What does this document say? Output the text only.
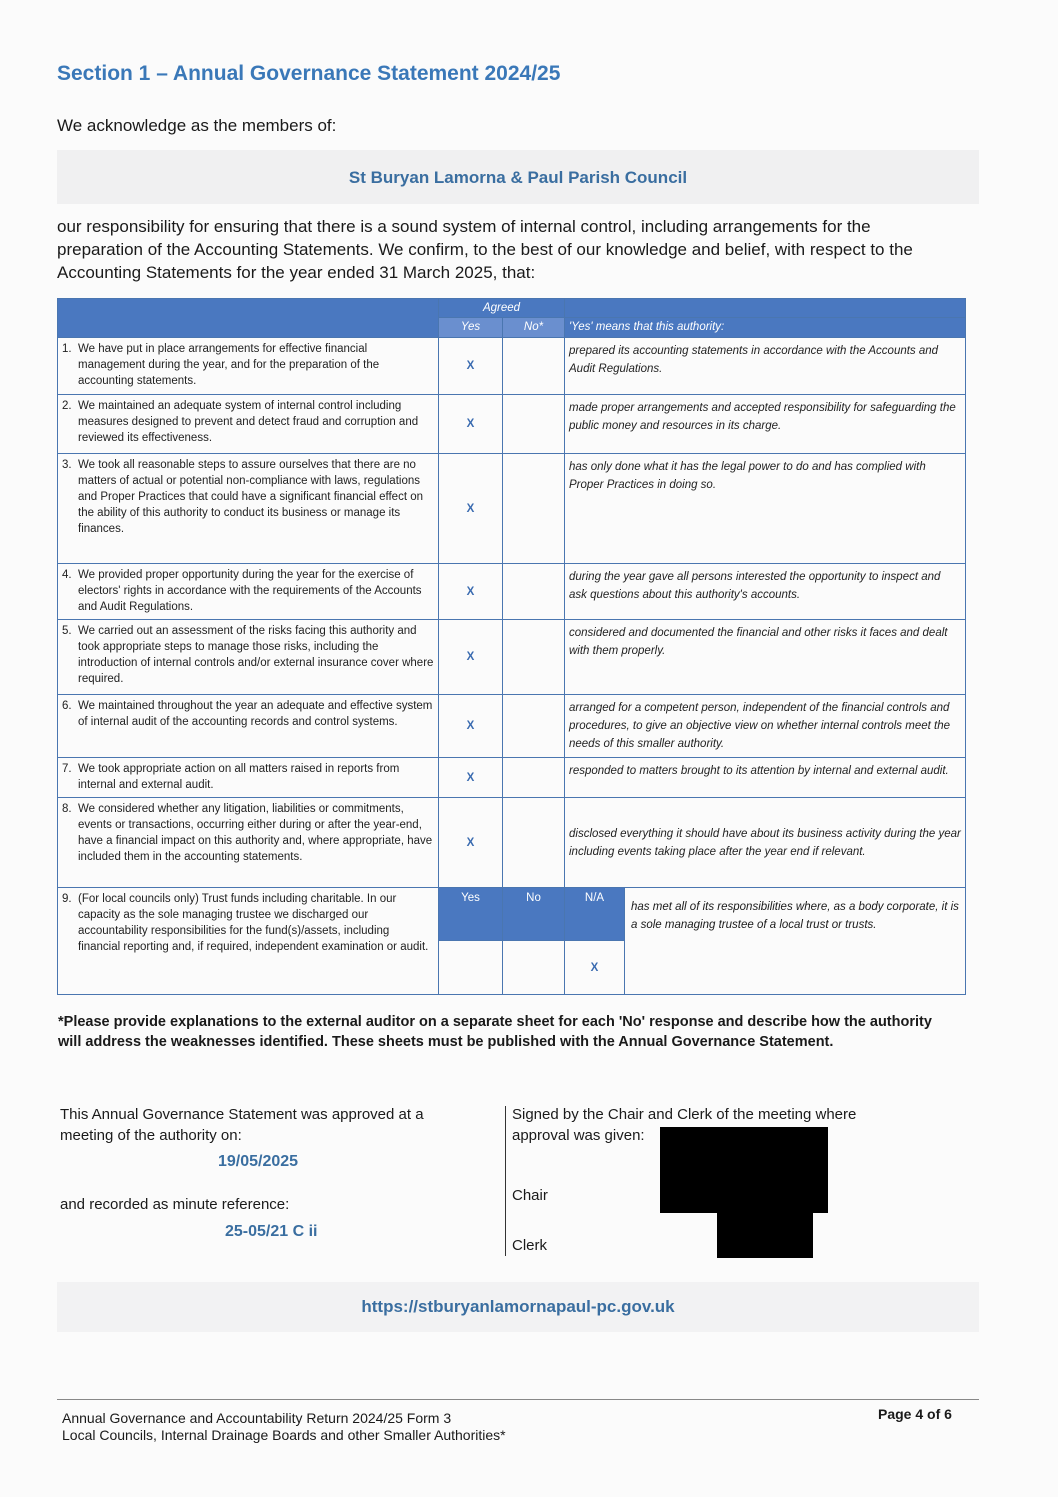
Section 1 – Annual Governance Statement 2024/25
We acknowledge as the members of:
St Buryan Lamorna & Paul Parish Council
our responsibility for ensuring that there is a sound system of internal control, including arrangements for the preparation of the Accounting Statements. We confirm, to the best of our knowledge and belief, with respect to the Accounting Statements for the year ended 31 March 2025, that:
	Agreed			
	Yes	No*	'Yes' means that this authority:	

1. We have put in place arrangements for effective financial management during the year, and for the preparation of the accounting statements.	X		prepared its accounting statements in accordance with the Accounts and Audit Regulations.	

2. We maintained an adequate system of internal control including measures designed to prevent and detect fraud and corruption and reviewed its effectiveness.	X		made proper arrangements and accepted responsibility for safeguarding the public money and resources in its charge.	

3. We took all reasonable steps to assure ourselves that there are no matters of actual or potential non-compliance with laws, regulations and Proper Practices that could have a significant financial effect on the ability of this authority to conduct its business or manage its finances.	X		has only done what it has the legal power to do and has complied with Proper Practices in doing so.	

4. We provided proper opportunity during the year for the exercise of electors' rights in accordance with the requirements of the Accounts and Audit Regulations.	X		during the year gave all persons interested the opportunity to inspect and ask questions about this authority's accounts.	

5. We carried out an assessment of the risks facing this authority and took appropriate steps to manage those risks, including the introduction of internal controls and/or external insurance cover where required.	X		considered and documented the financial and other risks it faces and dealt with them properly.	

6. We maintained throughout the year an adequate and effective system of internal audit of the accounting records and control systems.	X		arranged for a competent person, independent of the financial controls and procedures, to give an objective view on whether internal controls meet the needs of this smaller authority.	

7. We took appropriate action on all matters raised in reports from internal and external audit.	X		responded to matters brought to its attention by internal and external audit.	

8. We considered whether any litigation, liabilities or commitments, events or transactions, occurring either during or after the year-end, have a financial impact on this authority and, where appropriate, have included them in the accounting statements.	X		disclosed everything it should have about its business activity during the year including events taking place after the year end if relevant.	

9. (For local councils only) Trust funds including charitable. In our capacity as the sole managing trustee we discharged our accountability responsibilities for the fund(s)/assets, including financial reporting and, if required, independent examination or audit.	Yes	No	N/A	has met all of its responsibilities where, as a body corporate, it is a sole managing trustee of a local trust or trusts.
			X	
*Please provide explanations to the external auditor on a separate sheet for each 'No' response and describe how the authority will address the weaknesses identified. These sheets must be published with the Annual Governance Statement.
This Annual Governance Statement was approved at a meeting of the authority on:
19/05/2025
and recorded as minute reference:
25-05/21 C ii
Signed by the Chair and Clerk of the meeting where approval was given:
Chair
Clerk
https://stburyanlamornapaul-pc.gov.uk
Annual Governance and Accountability Return 2024/25 Form 3
Local Councils, Internal Drainage Boards and other Smaller Authorities*
Page 4 of 6
